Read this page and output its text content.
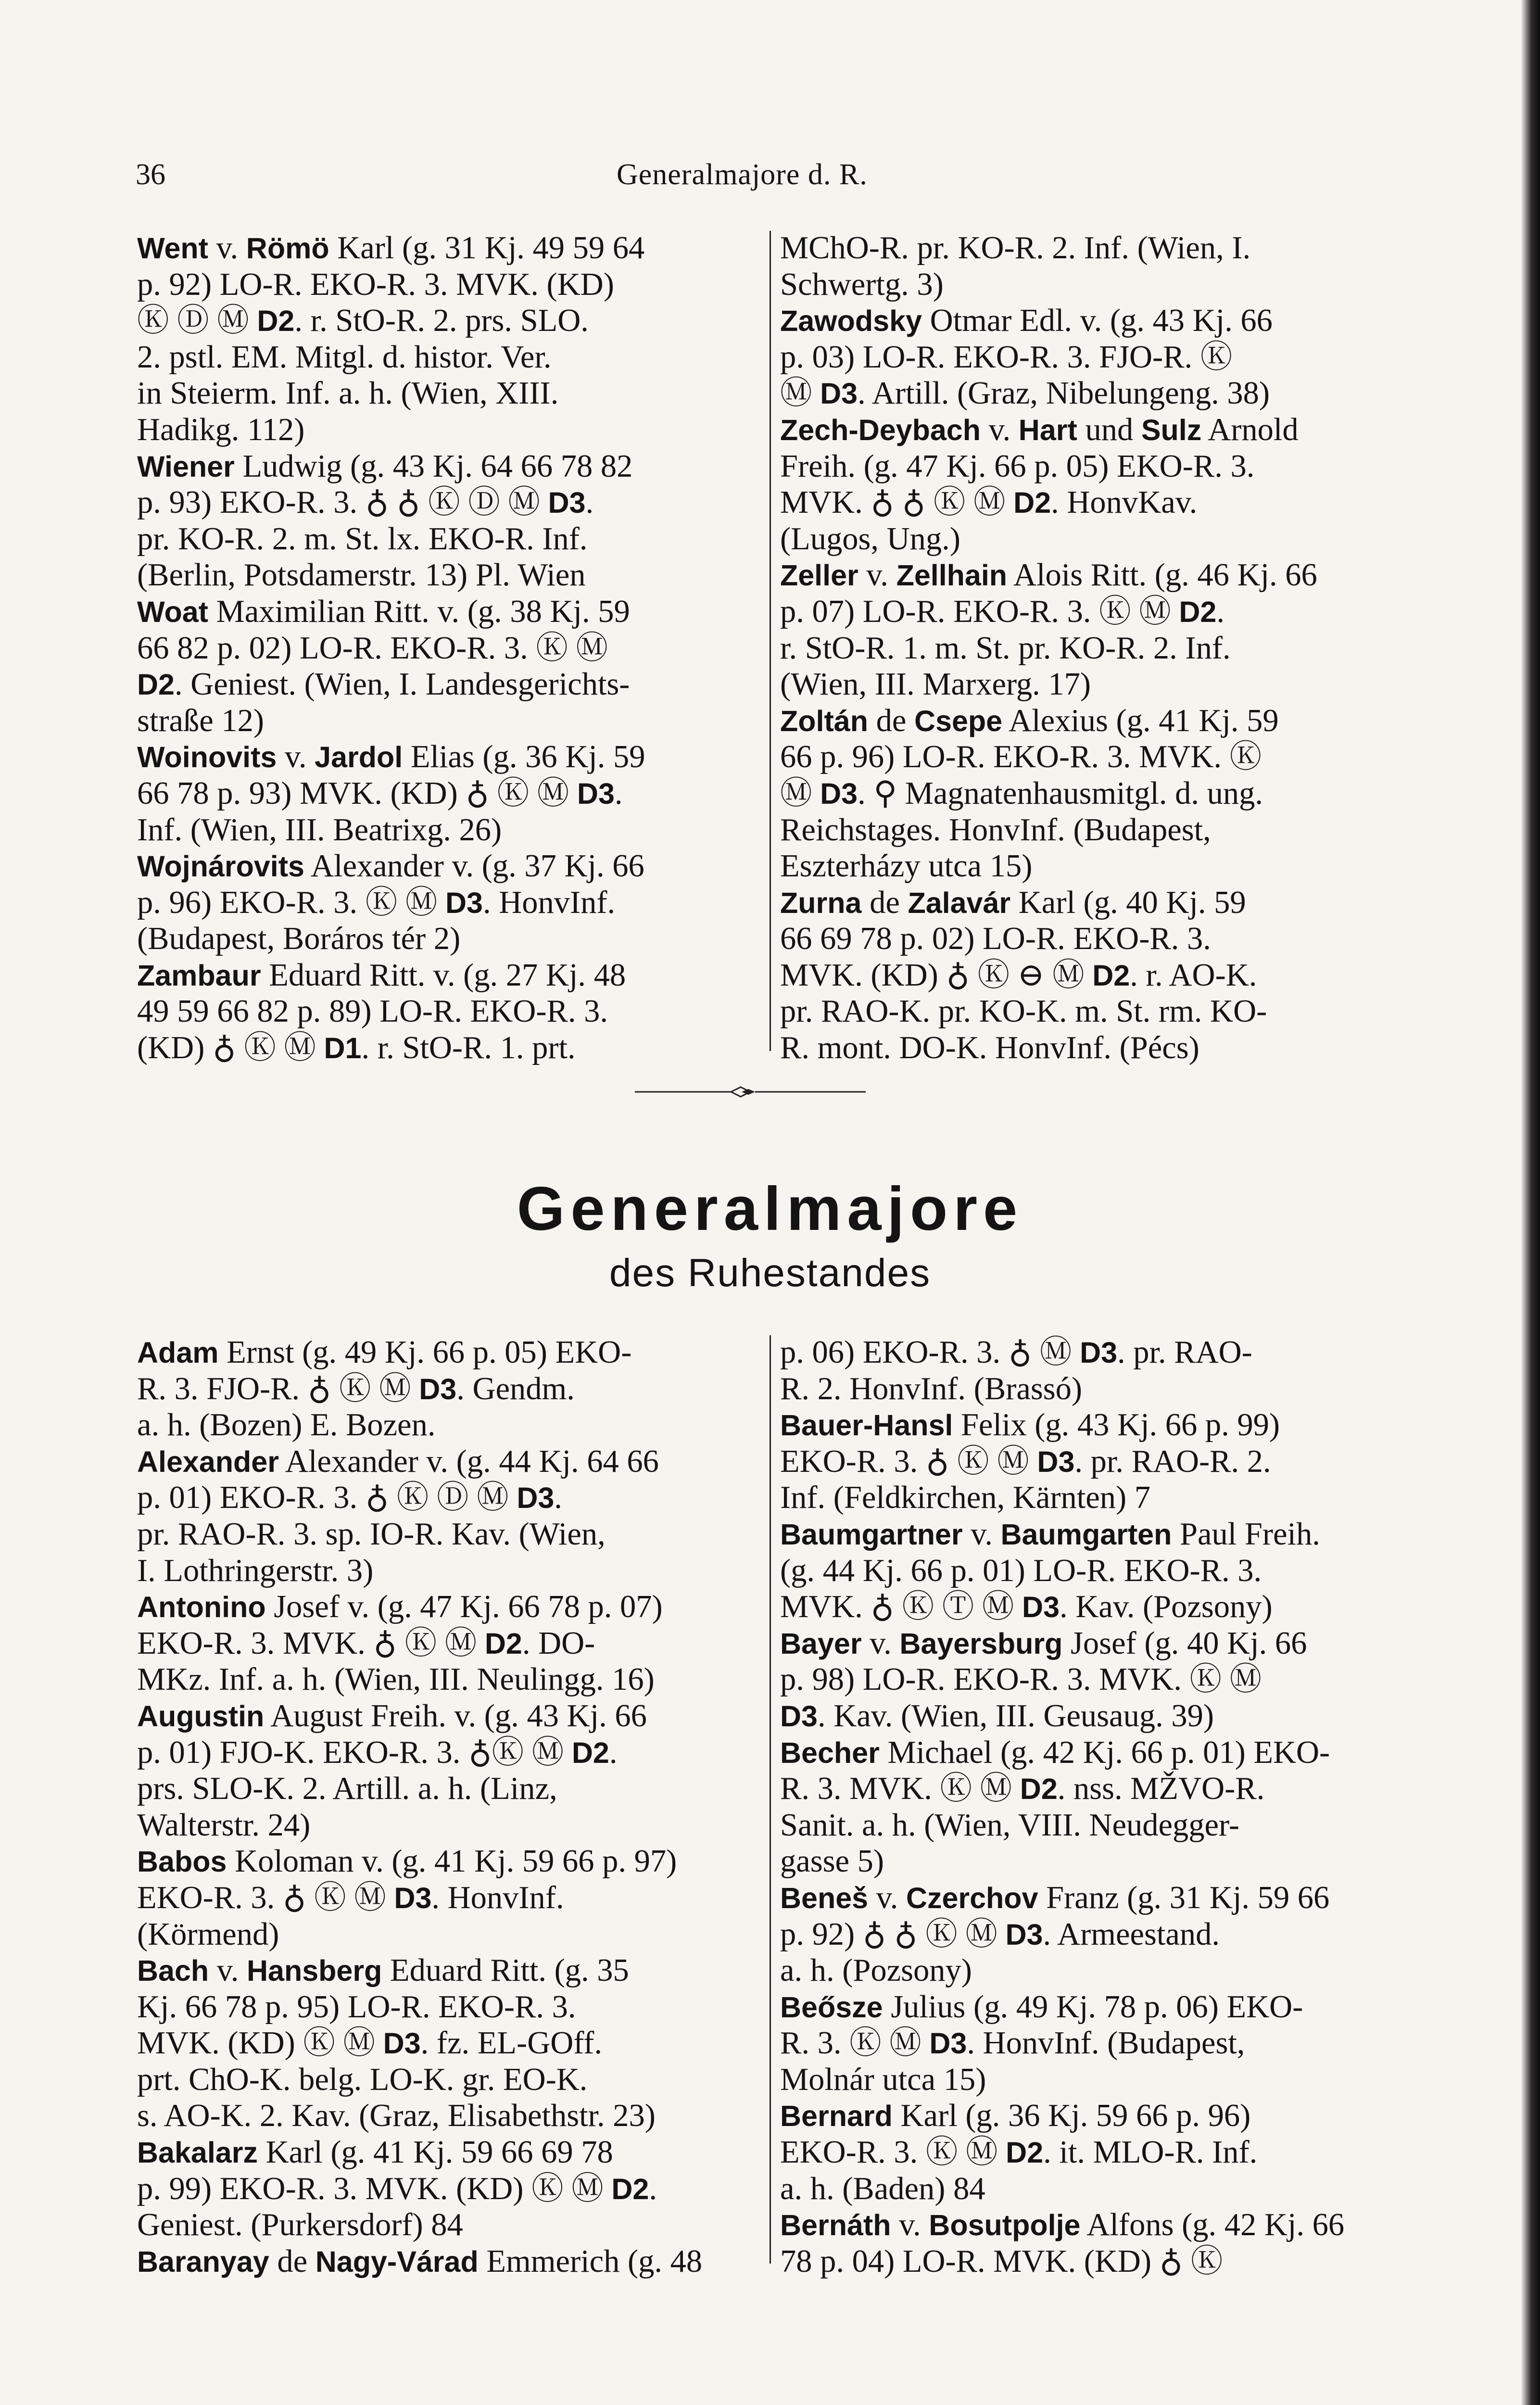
36	Generalmajore d. R.
Went v. Römö Karl (g. 31 Kj. 49 59 64
p. 92) LO-R. EKO-R. 3. MVK. (KD)
Ⓚ Ⓓ Ⓜ D2. r. StO-R. 2. prs. SLO.
2. pstl. EM. Mitgl. d. histor. Ver.
in Steierm. Inf. a. h. (Wien, XIII.
Hadikg. 112)
Wiener Ludwig (g. 43 Kj. 64 66 78 82
p. 93) EKO-R. 3. ♁ ♁ Ⓚ Ⓓ Ⓜ D3.
pr. KO-R. 2. m. St. lx. EKO-R. Inf.
(Berlin, Potsdamerstr. 13) Pl. Wien
Woat Maximilian Ritt. v. (g. 38 Kj. 59
66 82 p. 02) LO-R. EKO-R. 3. Ⓚ Ⓜ
D2. Geniest. (Wien, I. Landesgerichts-
straße 12)
Woinovits v. Jardol Elias (g. 36 Kj. 59
66 78 p. 93) MVK. (KD) ♁ Ⓚ Ⓜ D3.
Inf. (Wien, III. Beatrixg. 26)
Wojnárovits Alexander v. (g. 37 Kj. 66
p. 96) EKO-R. 3. Ⓚ Ⓜ D3. HonvInf.
(Budapest, Boráros tér 2)
Zambaur Eduard Ritt. v. (g. 27 Kj. 48
49 59 66 82 p. 89) LO-R. EKO-R. 3.
(KD) ♁ Ⓚ Ⓜ D1. r. StO-R. 1. prt.
MChO-R. pr. KO-R. 2. Inf. (Wien, I.
Schwertg. 3)
Zawodsky Otmar Edl. v. (g. 43 Kj. 66
p. 03) LO-R. EKO-R. 3. FJO-R. Ⓚ
Ⓜ D3. Artill. (Graz, Nibelungeng. 38)
Zech-Deybach v. Hart und Sulz Arnold
Freih. (g. 47 Kj. 66 p. 05) EKO-R. 3.
MVK. ♁ ♁ Ⓚ Ⓜ D2. HonvKav.
(Lugos, Ung.)
Zeller v. Zellhain Alois Ritt. (g. 46 Kj. 66
p. 07) LO-R. EKO-R. 3. Ⓚ Ⓜ D2.
r. StO-R. 1. m. St. pr. KO-R. 2. Inf.
(Wien, III. Marxerg. 17)
Zoltán de Csepe Alexius (g. 41 Kj. 59
66 p. 96) LO-R. EKO-R. 3. MVK. Ⓚ
Ⓜ D3. ⚲ Magnatenhausmitgl. d. ung.
Reichstages. HonvInf. (Budapest,
Eszterházy utca 15)
Zurna de Zalavár Karl (g. 40 Kj. 59
66 69 78 p. 02) LO-R. EKO-R. 3.
MVK. (KD) ♁ Ⓚ ⊖ Ⓜ D2. r. AO-K.
pr. RAO-K. pr. KO-K. m. St. rm. KO-
R. mont. DO-K. HonvInf. (Pécs)
Generalmajore
des Ruhestandes
Adam Ernst (g. 49 Kj. 66 p. 05) EKO-
R. 3. FJO-R. ♁ Ⓚ Ⓜ D3. Gendm.
a. h. (Bozen) E. Bozen.
Alexander Alexander v. (g. 44 Kj. 64 66
p. 01) EKO-R. 3. ♁ Ⓚ Ⓓ Ⓜ D3.
pr. RAO-R. 3. sp. IO-R. Kav. (Wien,
I. Lothringerstr. 3)
Antonino Josef v. (g. 47 Kj. 66 78 p. 07)
EKO-R. 3. MVK. ♁ Ⓚ Ⓜ D2. DO-
MKz. Inf. a. h. (Wien, III. Neulingg. 16)
Augustin August Freih. v. (g. 43 Kj. 66
p. 01) FJO-K. EKO-R. 3. ♁Ⓚ Ⓜ D2.
prs. SLO-K. 2. Artill. a. h. (Linz,
Walterstr. 24)
Babos Koloman v. (g. 41 Kj. 59 66 p. 97)
EKO-R. 3. ♁ Ⓚ Ⓜ D3. HonvInf.
(Körmend)
Bach v. Hansberg Eduard Ritt. (g. 35
Kj. 66 78 p. 95) LO-R. EKO-R. 3.
MVK. (KD) Ⓚ Ⓜ D3. fz. EL-GOff.
prt. ChO-K. belg. LO-K. gr. EO-K.
s. AO-K. 2. Kav. (Graz, Elisabethstr. 23)
Bakalarz Karl (g. 41 Kj. 59 66 69 78
p. 99) EKO-R. 3. MVK. (KD) Ⓚ Ⓜ D2.
Geniest. (Purkersdorf) 84
Baranyay de Nagy-Várad Emmerich (g. 48
p. 06) EKO-R. 3. ♁ Ⓜ D3. pr. RAO-
R. 2. HonvInf. (Brassó)
Bauer-Hansl Felix (g. 43 Kj. 66 p. 99)
EKO-R. 3. ♁ Ⓚ Ⓜ D3. pr. RAO-R. 2.
Inf. (Feldkirchen, Kärnten) 7
Baumgartner v. Baumgarten Paul Freih.
(g. 44 Kj. 66 p. 01) LO-R. EKO-R. 3.
MVK. ♁ Ⓚ Ⓣ Ⓜ D3. Kav. (Pozsony)
Bayer v. Bayersburg Josef (g. 40 Kj. 66
p. 98) LO-R. EKO-R. 3. MVK. Ⓚ Ⓜ
D3. Kav. (Wien, III. Geusaug. 39)
Becher Michael (g. 42 Kj. 66 p. 01) EKO-
R. 3. MVK. Ⓚ Ⓜ D2. nss. MŽVO-R.
Sanit. a. h. (Wien, VIII. Neudegger-
gasse 5)
Beneš v. Czerchov Franz (g. 31 Kj. 59 66
p. 92) ♁ ♁ Ⓚ Ⓜ D3. Armeestand.
a. h. (Pozsony)
Beősze Julius (g. 49 Kj. 78 p. 06) EKO-
R. 3. Ⓚ Ⓜ D3. HonvInf. (Budapest,
Molnár utca 15)
Bernard Karl (g. 36 Kj. 59 66 p. 96)
EKO-R. 3. Ⓚ Ⓜ D2. it. MLO-R. Inf.
a. h. (Baden) 84
Bernáth v. Bosutpolje Alfons (g. 42 Kj. 66
78 p. 04) LO-R. MVK. (KD) ♁ Ⓚ
